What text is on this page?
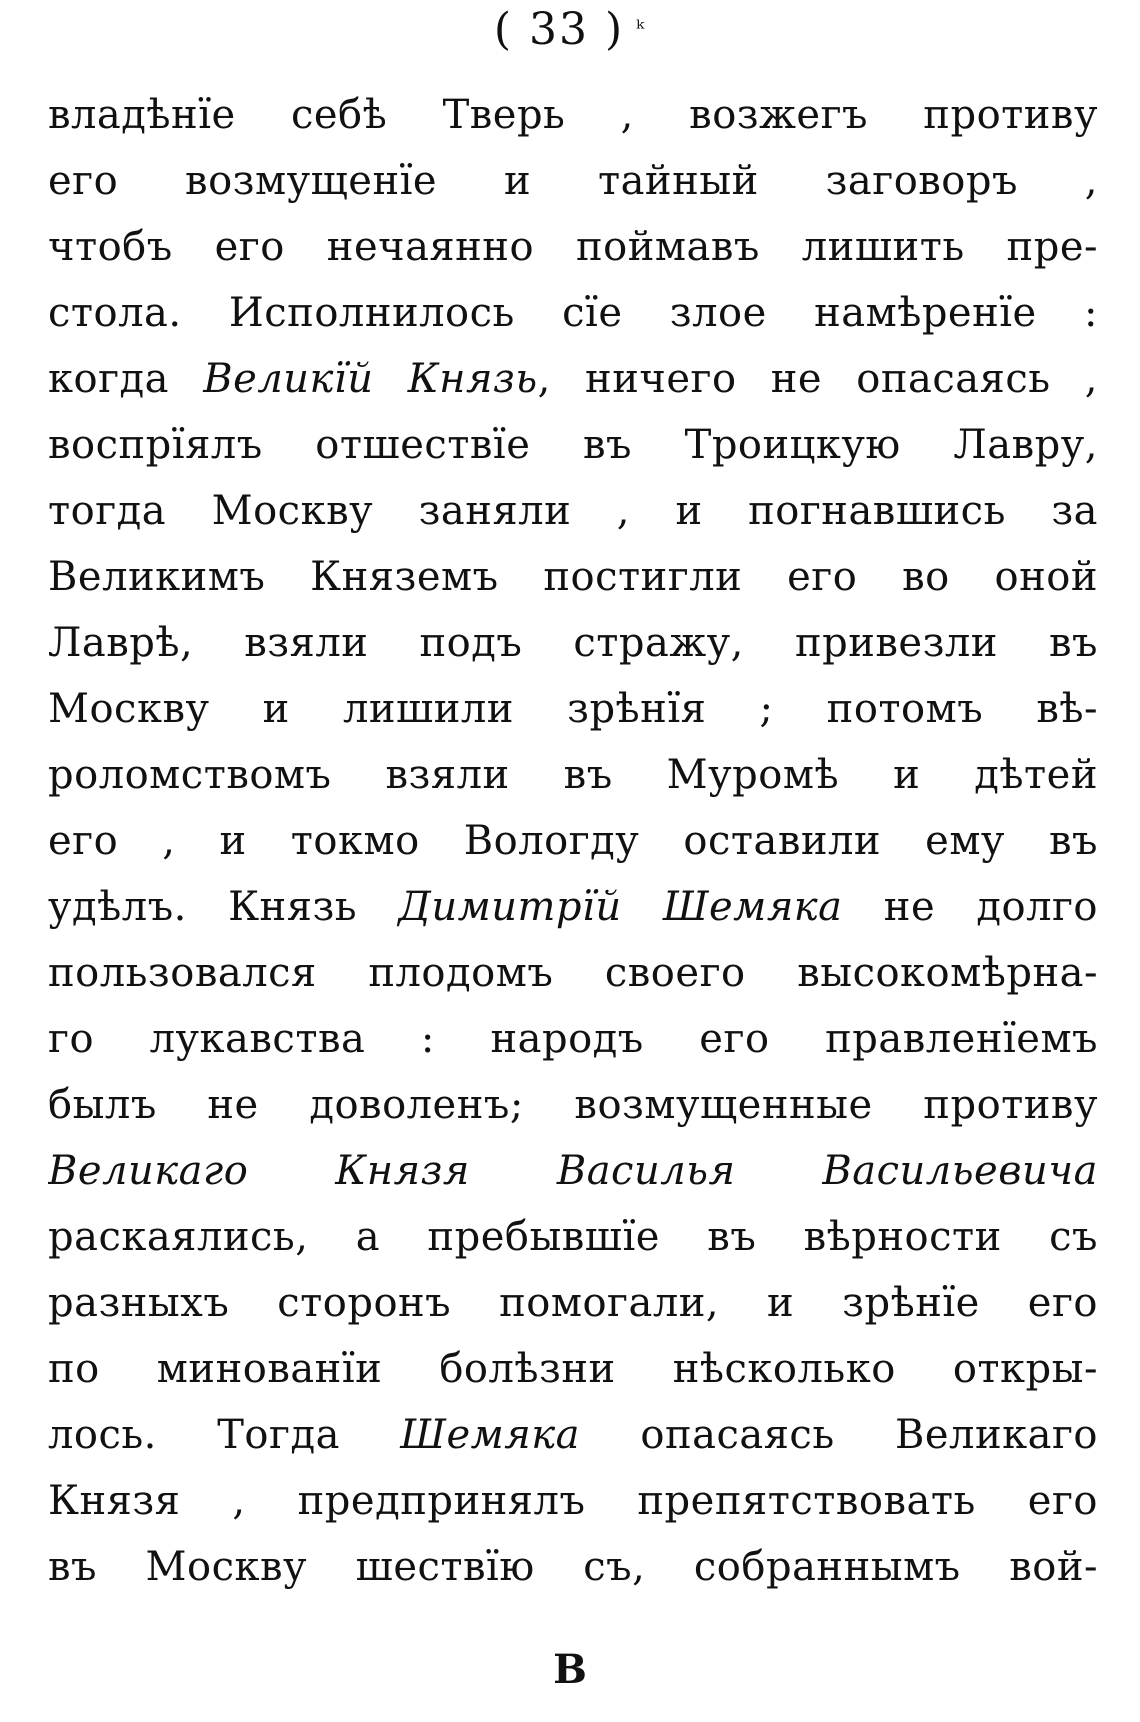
( 33 ) $^ᵏ$
владѣнїе себѣ Тверь , возжегъ противу
его возмущенїе и тайный заговоръ ,
чтобъ его нечаянно поймавъ лишить пре-
стола. Исполнилось сїе злое намѣренїе :
когда Великїй Князь, ничего не опасаясь ,
воспрїялъ отшествїе въ Троицкую Лавру,
тогда Москву заняли , и погнавшись за
Великимъ Княземъ постигли его во оной
Лаврѣ, взяли подъ стражу, привезли въ
Москву и лишили зрѣнїя ; потомъ вѣ-
роломствомъ взяли въ Муромѣ и дѣтей
его , и токмо Вологду оставили ему въ
удѣлъ. Князь Димитрїй Шемяка не долго
пользовался плодомъ своего высокомѣрна-
го лукавства : народъ его правленїемъ
былъ не доволенъ; возмущенные противу
Великаго Князя Василья Васильевича
раскаялись, а пребывшїе въ вѣрности съ
разныхъ сторонъ помогали, и зрѣнїе его
по минованїи болѣзни нѣсколько откры-
лось. Тогда Шемяка опасаясь Великаго
Князя , предпринялъ препятствовать его
въ Москву шествїю съ, собраннымъ вой-
В
